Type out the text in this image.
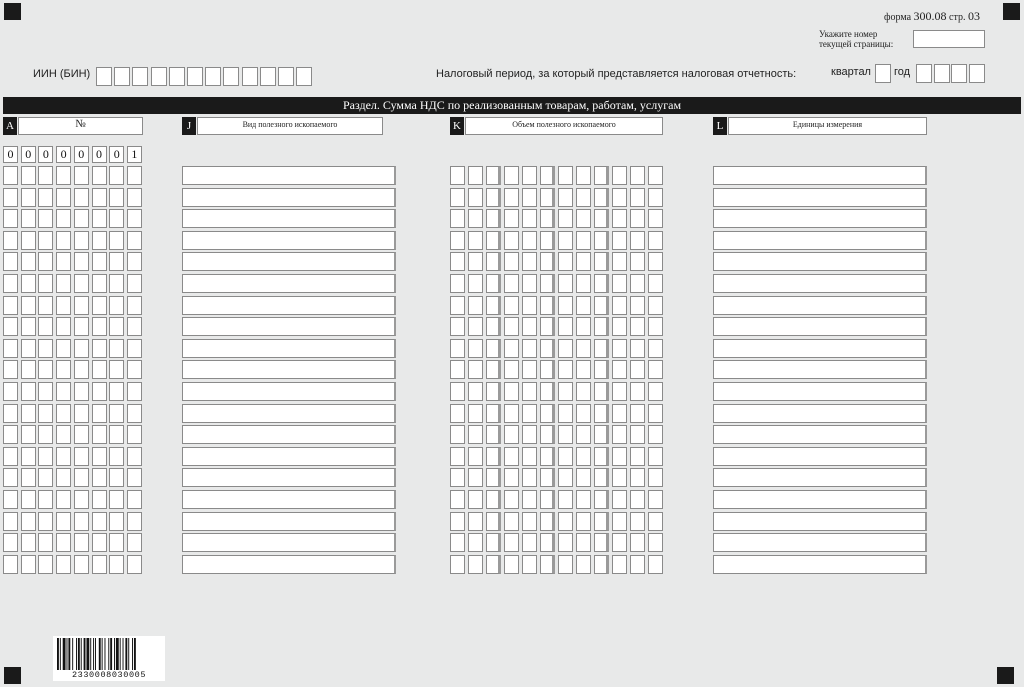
форма 300.08 стр. 03
Укажите номер
текущей страницы:
ИИН (БИН)	Налоговый период, за который представляется налоговая отчетность:	квартал год
Раздел. Сумма НДС по реализованным товарам, работам, услугам
A	№	J	Вид полезного ископаемого	K	Объем полезного ископаемого	L	Единицы измерения
2330008030005
0 0 0 0 0 0 0 1
